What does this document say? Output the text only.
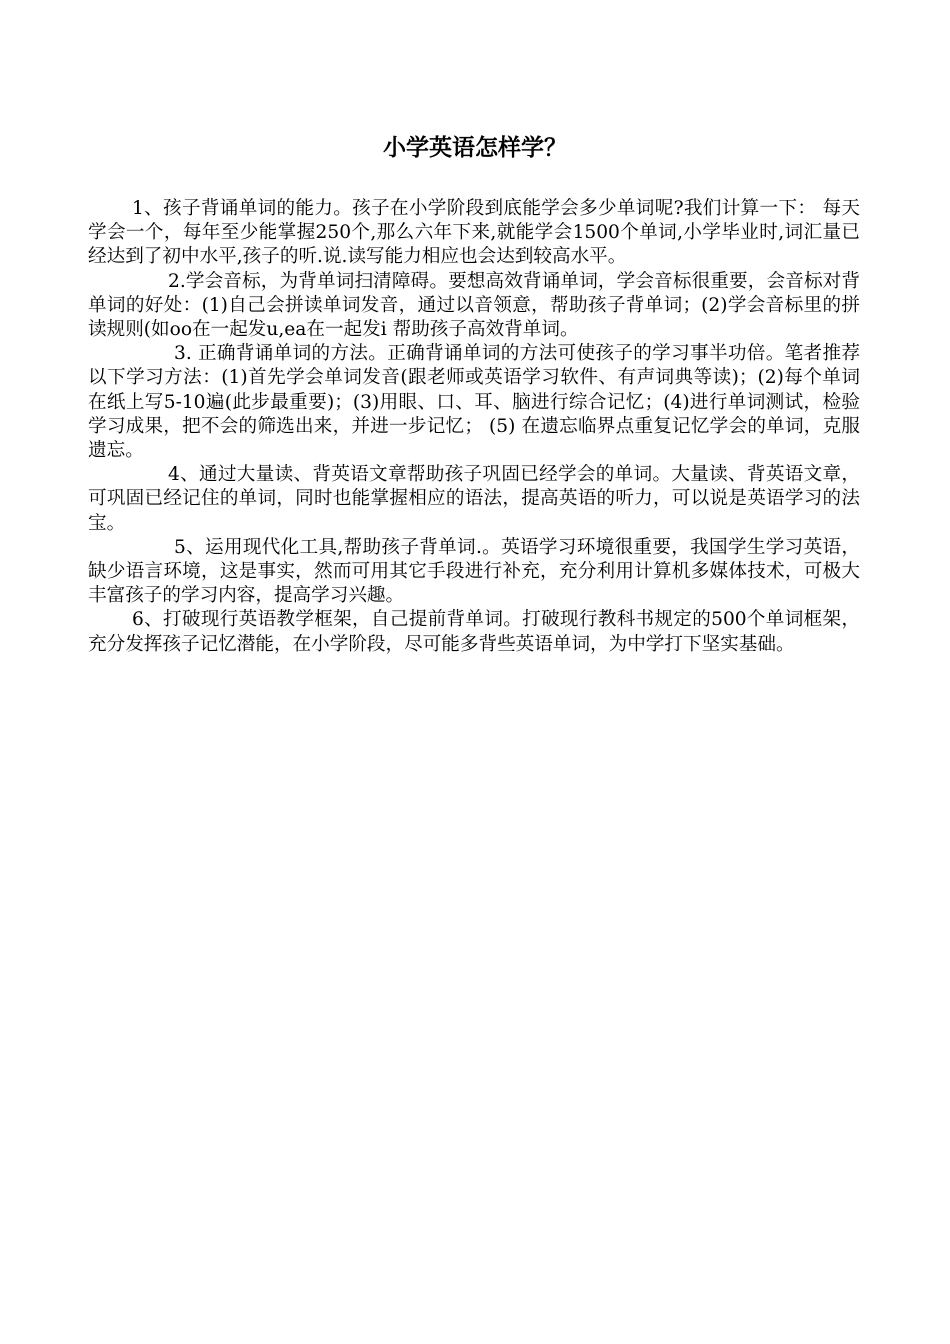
小学英语怎样学？

1、孩子背诵单词的能力。孩子在小学阶段到底能学会多少单词呢?我们计算一下： 每天学会一个，每年至少能掌握250个,那么六年下来,就能学会1500个单词,小学毕业时,词汇量已经达到了初中水平,孩子的听.说.读写能力相应也会达到较高水平。

2.学会音标，为背单词扫清障碍。要想高效背诵单词，学会音标很重要，会音标对背单词的好处：(1)自己会拼读单词发音，通过以音领意，帮助孩子背单词；(2)学会音标里的拼读规则(如oo在一起发u,ea在一起发i 帮助孩子高效背单词。

3. 正确背诵单词的方法。正确背诵单词的方法可使孩子的学习事半功倍。笔者推荐以下学习方法：(1)首先学会单词发音(跟老师或英语学习软件、有声词典等读)；(2)每个单词在纸上写5-10遍(此步最重要)；(3)用眼、口、耳、脑进行综合记忆；(4)进行单词测试，检验学习成果，把不会的筛选出来，并进一步记忆； (5) 在遗忘临界点重复记忆学会的单词，克服遗忘。

4、通过大量读、背英语文章帮助孩子巩固已经学会的单词。大量读、背英语文章，可巩固已经记住的单词，同时也能掌握相应的语法，提高英语的听力，可以说是英语学习的法宝。

5、运用现代化工具,帮助孩子背单词.。英语学习环境很重要，我国学生学习英语，缺少语言环境，这是事实，然而可用其它手段进行补充，充分利用计算机多媒体技术，可极大丰富孩子的学习内容，提高学习兴趣。

6、打破现行英语教学框架，自己提前背单词。打破现行教科书规定的500个单词框架，充分发挥孩子记忆潜能，在小学阶段，尽可能多背些英语单词，为中学打下坚实基础。
